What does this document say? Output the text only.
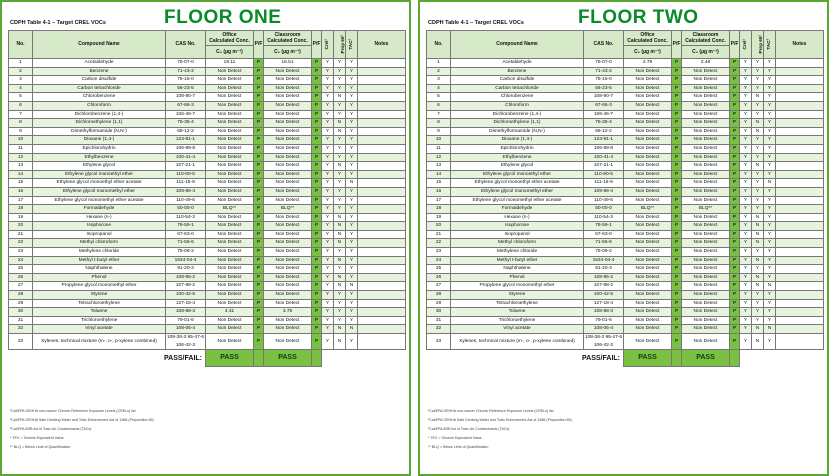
FLOOR ONE
CDPH Table 4-1 – Target CREL VOCs
No.	Compound Name	CAS No.	Office
Calculated Conc.	P/F	Classroom
Calculated Conc.	P/F	Crel¹	Prop 65²	TAC³	Notes
			C₀ (µg m⁻³)		C₀ (µg m⁻³)					
1	Acetaldehyde	75-07-0	19.11	P	16.51	P	Y	Y	Y	
2	Benzene	71-43-2	Non Detect	P	Non Detect	P	Y	Y	Y	
3	Carbon disulfide	75-15-0	Non Detect	P	Non Detect	P	Y	Y	Y	
4	Carbon tetrachloride	56-23-5	Non Detect	P	Non Detect	P	Y	Y	Y	
5	Chlorobenzene	108-90-7	Non Detect	P	Non Detect	P	Y	N	Y	
6	Chloroform	67-66-3	Non Detect	P	Non Detect	P	Y	Y	Y	
7	Dichlorobenzene (1,4-)	106-46-7	Non Detect	P	Non Detect	P	Y	Y	Y	
8	Dichloroethylene (1,1)	75-35-4	Non Detect	P	Non Detect	P	Y	N	Y	
9	Dimethylformamide (N,N-)	68-12-2	Non Detect	P	Non Detect	P	Y	N	Y	
10	Dioxane (1,4-)	123-91-1	Non Detect	P	Non Detect	P	Y	Y	Y	
11	Epichlorohydrin	106-89-8	Non Detect	P	Non Detect	P	Y	Y	Y	
12	Ethylbenzene	100-41-4	Non Detect	P	Non Detect	P	Y	Y	Y	
13	Ethylene glycol	107-21-1	Non Detect	P	Non Detect	P	Y	N	Y	
14	Ethylene glycol monoethyl ether	110-80-5	Non Detect	P	Non Detect	P	Y	Y	Y	
15	Ethylene glycol monoethyl ether acetate	111-15-9	Non Detect	P	Non Detect	P	Y	Y	N	
16	Ethylene glycol monomethyl ether	109-86-4	Non Detect	P	Non Detect	P	Y	Y	Y	
17	Ethylene glycol monomethyl ether acetate	110-49-6	Non Detect	P	Non Detect	P	Y	Y	Y	
18	Formaldehyde	50-00-0	BLQ**	P	BLQ**	P	Y	Y	Y	
19	Hexane (n-)	110-54-3	Non Detect	P	Non Detect	P	Y	N	Y	
20	Isophorone	78-59-1	Non Detect	P	Non Detect	P	Y	N	Y	
21	Isopropanol	67-63-0	Non Detect	P	Non Detect	P	Y	N	Y	
22	Methyl chloroform	71-55-6	Non Detect	P	Non Detect	P	Y	N	Y	
23	Methylene chloride	75-09-2	Non Detect	P	Non Detect	P	Y	Y	Y	
24	Methyl t-butyl ether	1634-04-4	Non Detect	P	Non Detect	P	Y	N	Y	
25	Naphthalene	91-20-3	Non Detect	P	Non Detect	P	Y	Y	Y	
26	Phenol	108-95-2	Non Detect	P	Non Detect	P	Y	N	Y	
27	Propylene glycol monomethyl ether	107-98-2	Non Detect	P	Non Detect	P	Y	N	N	
28	Styrene	100-42-5	Non Detect	P	Non Detect	P	Y	Y	Y	
29	Tetrachloroethylene	127-18-4	Non Detect	P	Non Detect	P	Y	Y	Y	
30	Toluene	108-88-3	4.31	P	3.75	P	Y	Y	Y	
31	Trichloroethylene	79-01-6	Non Detect	P	Non Detect	P	Y	Y	Y	
32	Vinyl acetate	108-05-4	Non Detect	P	Non Detect	P	Y	N	N	
33	Xylenes, technical mixture (m-, o-, p-xylene combined)	108-38-3 95-47-6 106-42-3	Non Detect	P	Non Detect	P	Y	N	Y	
PASS/FAIL:			PASS		PASS					
¹Cal/EPA OEHHA non-cancer Chronic Reference Exposure Levels (CRELs) list
²Cal/EPA OEHHA Safe Drinking Water and Toxic Enforcement Act of 1986 (Proposition 65)
³Cal/EPA ARB list of Toxic Air Contaminants (TACs)
* TEV = Toluene Equivalent Value
** BLQ = Below Limit of Quantification
FLOOR TWO
CDPH Table 4-1 – Target CREL VOCs
No.	Compound Name	CAS No.	Office
Calculated Conc.	P/F	Classroom
Calculated Conc.	P/F	Crel¹	Prop 65²	TAC³	Notes
			C₀ (µg m⁻³)		C₀ (µg m⁻³)					
1	Acetaldehyde	75-07-0	2.79	P	2.48	P	Y	Y	Y	
2	Benzene	71-43-2	Non Detect	P	Non Detect	P	Y	Y	Y	
3	Carbon disulfide	75-15-0	Non Detect	P	Non Detect	P	Y	Y	Y	
4	Carbon tetrachloride	56-23-5	Non Detect	P	Non Detect	P	Y	Y	Y	
5	Chlorobenzene	108-90-7	Non Detect	P	Non Detect	P	Y	N	Y	
6	Chloroform	67-66-3	Non Detect	P	Non Detect	P	Y	Y	Y	
7	Dichlorobenzene (1,4-)	106-46-7	Non Detect	P	Non Detect	P	Y	Y	Y	
8	Dichloroethylene (1,1)	75-35-4	Non Detect	P	Non Detect	P	Y	N	Y	
9	Dimethylformamide (N,N-)	68-12-2	Non Detect	P	Non Detect	P	Y	N	Y	
10	Dioxane (1,4-)	123-91-1	Non Detect	P	Non Detect	P	Y	Y	Y	
11	Epichlorohydrin	106-89-8	Non Detect	P	Non Detect	P	Y	Y	Y	
12	Ethylbenzene	100-41-4	Non Detect	P	Non Detect	P	Y	Y	Y	
13	Ethylene glycol	107-21-1	Non Detect	P	Non Detect	P	Y	N	Y	
14	Ethylene glycol monoethyl ether	110-80-5	Non Detect	P	Non Detect	P	Y	Y	Y	
15	Ethylene glycol monoethyl ether acetate	111-15-9	Non Detect	P	Non Detect	P	Y	Y	N	
16	Ethylene glycol monomethyl ether	109-86-4	Non Detect	P	Non Detect	P	Y	Y	Y	
17	Ethylene glycol monomethyl ether acetate	110-49-6	Non Detect	P	Non Detect	P	Y	Y	Y	
18	Formaldehyde	50-00-0	BLQ**	P	BLQ**	P	Y	Y	Y	
19	Hexane (n-)	110-54-3	Non Detect	P	Non Detect	P	Y	N	Y	
20	Isophorone	78-59-1	Non Detect	P	Non Detect	P	Y	N	Y	
21	Isopropanol	67-63-0	Non Detect	P	Non Detect	P	Y	N	Y	
22	Methyl chloroform	71-55-6	Non Detect	P	Non Detect	P	Y	N	Y	
23	Methylene chloride	75-09-2	Non Detect	P	Non Detect	P	Y	Y	Y	
24	Methyl t-butyl ether	1634-04-4	Non Detect	P	Non Detect	P	Y	N	Y	
25	Naphthalene	91-20-3	Non Detect	P	Non Detect	P	Y	Y	Y	
26	Phenol	108-95-2	Non Detect	P	Non Detect	P	Y	N	Y	
27	Propylene glycol monomethyl ether	107-98-2	Non Detect	P	Non Detect	P	Y	N	N	
28	Styrene	100-42-5	Non Detect	P	Non Detect	P	Y	Y	Y	
29	Tetrachloroethylene	127-18-4	Non Detect	P	Non Detect	P	Y	Y	Y	
30	Toluene	108-88-3	Non Detect	P	Non Detect	P	Y	Y	Y	
31	Trichloroethylene	79-01-6	Non Detect	P	Non Detect	P	Y	Y	Y	
32	Vinyl acetate	108-05-4	Non Detect	P	Non Detect	P	Y	N	N	
33	Xylenes, technical mixture (m-, o-, p-xylene combined)	108-38-3 95-47-6 106-42-3	Non Detect	P	Non Detect	P	Y	N	Y	
PASS/FAIL:			PASS		PASS					
¹Cal/EPA OEHHA non-cancer Chronic Reference Exposure Levels (CRELs) list
²Cal/EPA OEHHA Safe Drinking Water and Toxic Enforcement Act of 1986 (Proposition 65)
³Cal/EPA ARB list of Toxic Air Contaminants (TACs)
* TEV = Toluene Equivalent Value
** BLQ = Below Limit of Quantification
